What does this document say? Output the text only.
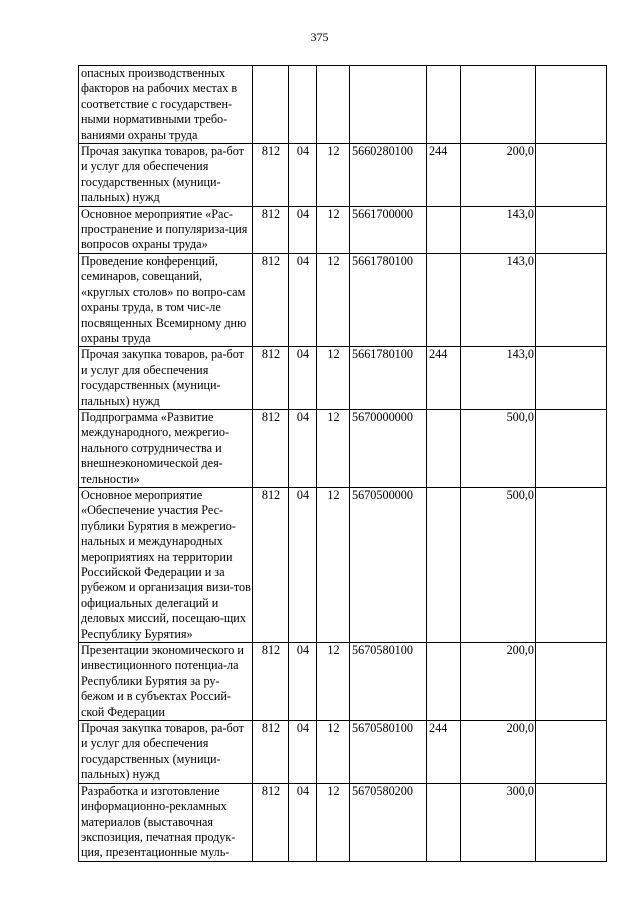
375
опасных производственных факторов на рабочих местах в соответствие с государствен-ными нормативными требо-ваниями охраны труда							
Прочая закупка товаров, ра-бот и услуг для обеспечения государственных (муници-пальных) нужд	812	04	12	5660280100	244	200,0	
Основное мероприятие «Рас-пространение и популяриза-ция вопросов охраны труда»	812	04	12	5661700000		143,0	
Проведение конференций, семинаров, совещаний, «круглых столов» по вопро-сам охраны труда, в том чис-ле посвященных Всемирному дню охраны труда	812	04	12	5661780100		143,0	
Прочая закупка товаров, ра-бот и услуг для обеспечения государственных (муници-пальных) нужд	812	04	12	5661780100	244	143,0	
Подпрограмма «Развитие международного, межрегио-нального сотрудничества и внешнеэкономической дея-тельности»	812	04	12	5670000000		500,0	
Основное мероприятие «Обеспечение участия Рес-публики Бурятия в межрегио-нальных и международных мероприятиях на территории Российской Федерации и за рубежом и организация визи-тов официальных делегаций и деловых миссий, посещаю-щих Республику Бурятия»	812	04	12	5670500000		500,0	
Презентации экономического и инвестиционного потенциа-ла Республики Бурятия за ру-бежом и в субъектах Россий-ской Федерации	812	04	12	5670580100		200,0	
Прочая закупка товаров, ра-бот и услуг для обеспечения государственных (муници-пальных) нужд	812	04	12	5670580100	244	200,0	
Разработка и изготовление информационно-рекламных материалов (выставочная экспозиция, печатная продук-ция, презентационные муль-	812	04	12	5670580200		300,0	
